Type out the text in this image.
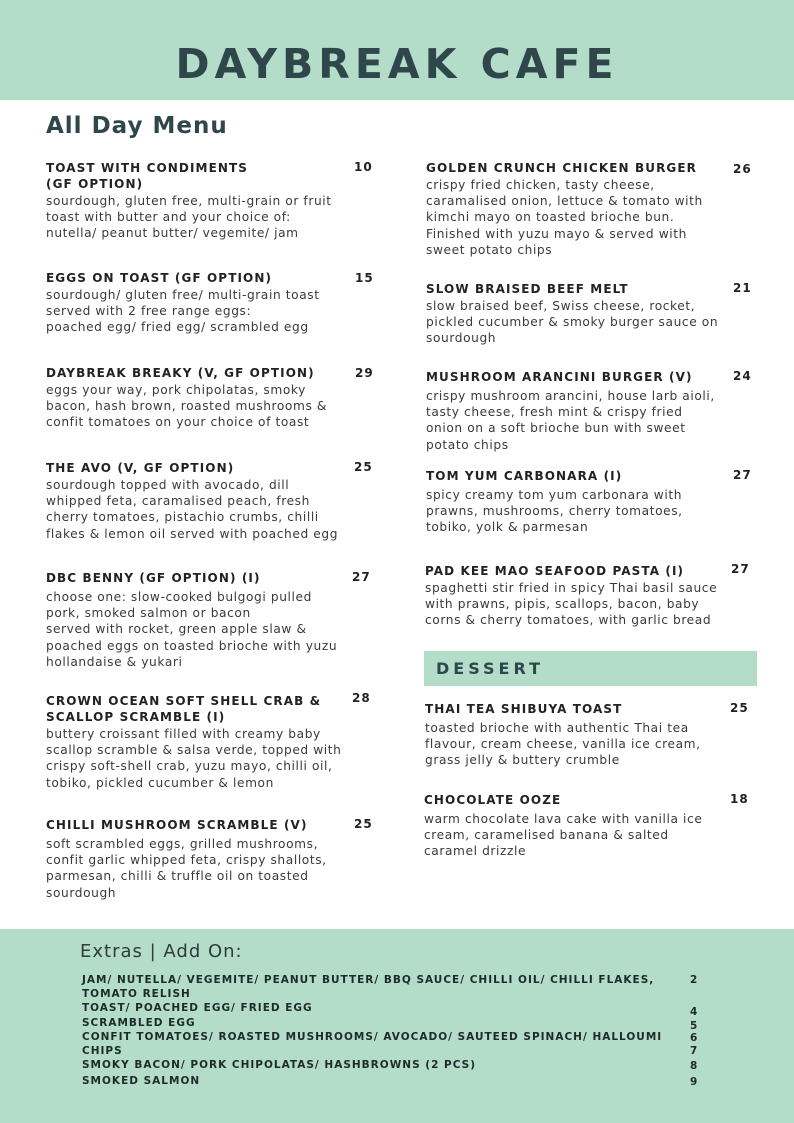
DAYBREAK CAFE
All Day Menu
TOAST WITH CONDIMENTS
(GF OPTION)
sourdough, gluten free, multi-grain or fruit
toast with butter and your choice of:
nutella/ peanut butter/ vegemite/ jam
10
EGGS ON TOAST (GF OPTION)
sourdough/ gluten free/ multi-grain toast
served with 2 free range eggs:
poached egg/ fried egg/ scrambled egg
15
DAYBREAK BREAKY (V, GF OPTION)
eggs your way, pork chipolatas, smoky
bacon, hash brown, roasted mushrooms &
confit tomatoes on your choice of toast
29
THE AVO (V, GF OPTION)
sourdough topped with avocado, dill
whipped feta, caramalised peach, fresh
cherry tomatoes, pistachio crumbs, chilli
flakes & lemon oil served with poached egg
25
DBC BENNY (GF OPTION) (I)
choose one: slow-cooked bulgogi pulled
pork, smoked salmon or bacon
served with rocket, green apple slaw &
poached eggs on toasted brioche with yuzu
hollandaise & yukari
27
CROWN OCEAN SOFT SHELL CRAB &
SCALLOP SCRAMBLE (I)
buttery croissant filled with creamy baby
scallop scramble & salsa verde, topped with
crispy soft-shell crab, yuzu mayo, chilli oil,
tobiko, pickled cucumber & lemon
28
CHILLI MUSHROOM SCRAMBLE (V)
soft scrambled eggs, grilled mushrooms,
confit garlic whipped feta, crispy shallots,
parmesan, chilli & truffle oil on toasted
sourdough
25
GOLDEN CRUNCH CHICKEN BURGER
crispy fried chicken, tasty cheese,
caramalised onion, lettuce & tomato with
kimchi mayo on toasted brioche bun.
Finished with yuzu mayo & served with
sweet potato chips
26
SLOW BRAISED BEEF MELT
slow braised beef, Swiss cheese, rocket,
pickled cucumber & smoky burger sauce on
sourdough
21
MUSHROOM ARANCINI BURGER (V)
crispy mushroom arancini, house larb aioli,
tasty cheese, fresh mint & crispy fried
onion on a soft brioche bun with sweet
potato chips
24
TOM YUM CARBONARA (I)
spicy creamy tom yum carbonara with
prawns, mushrooms, cherry tomatoes,
tobiko, yolk & parmesan
27
PAD KEE MAO SEAFOOD PASTA (I)
spaghetti stir fried in spicy Thai basil sauce
with prawns, pipis, scallops, bacon, baby
corns & cherry tomatoes, with garlic bread
27
DESSERT
THAI TEA SHIBUYA TOAST
toasted brioche with authentic Thai tea
flavour, cream cheese, vanilla ice cream,
grass jelly & buttery crumble
25
CHOCOLATE OOZE
warm chocolate lava cake with vanilla ice
cream, caramelised banana & salted
caramel drizzle
18
Extras | Add On:
JAM/ NUTELLA/ VEGEMITE/ PEANUT BUTTER/ BBQ SAUCE/ CHILLI OIL/ CHILLI FLAKES,
TOMATO RELISH
TOAST/ POACHED EGG/ FRIED EGG
SCRAMBLED EGG
CONFIT TOMATOES/ ROASTED MUSHROOMS/ AVOCADO/ SAUTEED SPINACH/ HALLOUMI
CHIPS
SMOKY BACON/ PORK CHIPOLATAS/ HASHBROWNS (2 PCS)
SMOKED SALMON
2
4
5
6
7
8
9
